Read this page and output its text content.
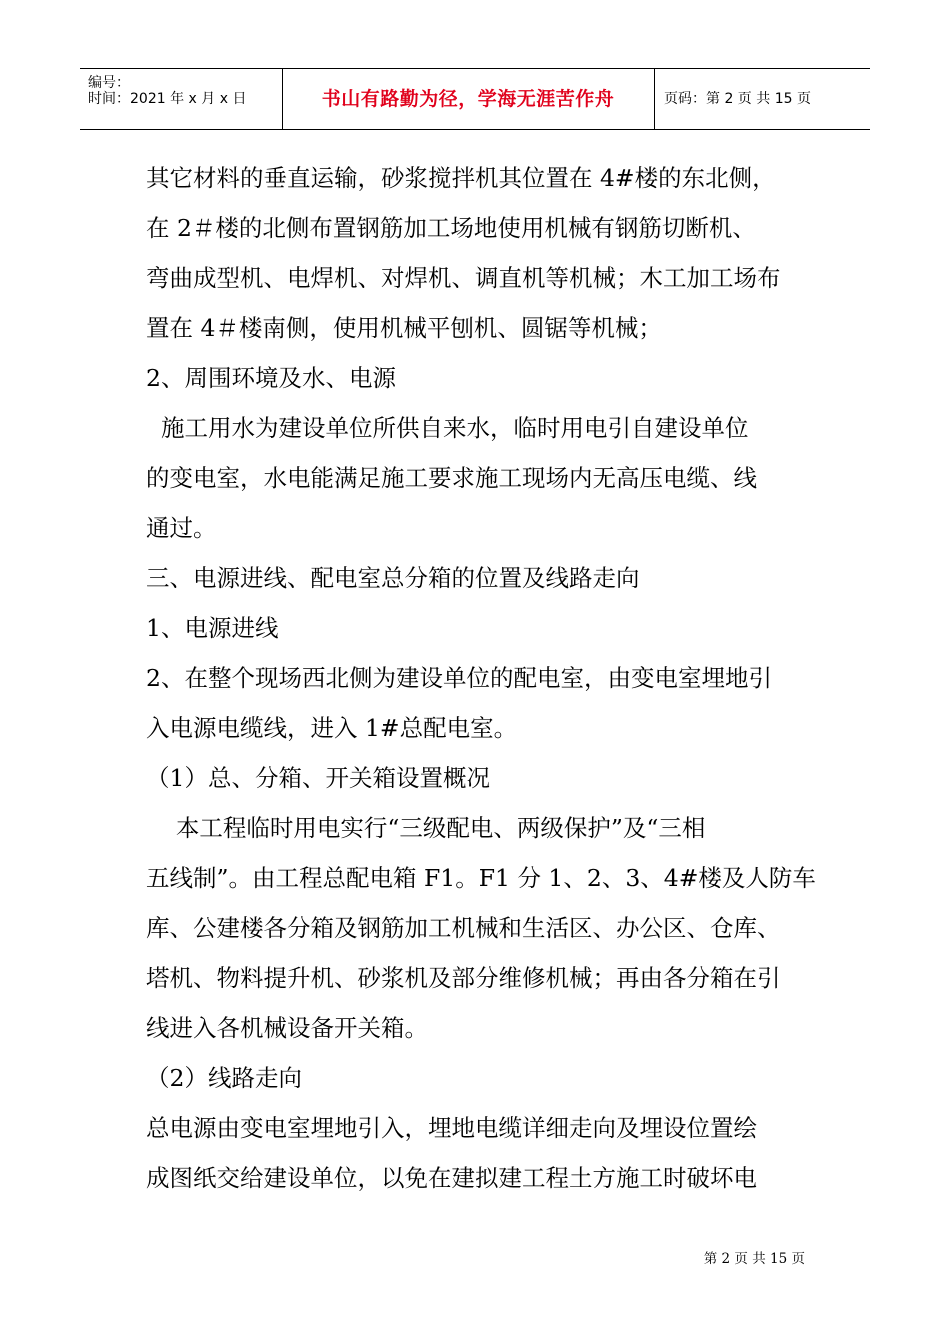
编号：
时间：2021 年 x 月 x 日	书山有路勤为径，学海无涯苦作舟	页码：第 2 页 共 15 页
其它材料的垂直运输，砂浆搅拌机其位置在 4#楼的东北侧，
在 2＃楼的北侧布置钢筋加工场地使用机械有钢筋切断机、
弯曲成型机、电焊机、对焊机、调直机等机械；木工加工场布
置在 4＃楼南侧，使用机械平刨机、圆锯等机械；
2、周围环境及水、电源
施工用水为建设单位所供自来水，临时用电引自建设单位
的变电室，水电能满足施工要求施工现场内无高压电缆、线
通过。
三、电源进线、配电室总分箱的位置及线路走向
1、电源进线
2、在整个现场西北侧为建设单位的配电室，由变电室埋地引
入电源电缆线，进入 1#总配电室。
（1）总、分箱、开关箱设置概况
本工程临时用电实行“三级配电、两级保护”及“三相
五线制”。由工程总配电箱 F1。F1 分 1、2、3、4#楼及人防车
库、公建楼各分箱及钢筋加工机械和生活区、办公区、仓库、
塔机、物料提升机、砂浆机及部分维修机械；再由各分箱在引
线进入各机械设备开关箱。
（2）线路走向
总电源由变电室埋地引入，埋地电缆详细走向及埋设位置绘
成图纸交给建设单位，以免在建拟建工程土方施工时破坏电
第 2 页 共 15 页
